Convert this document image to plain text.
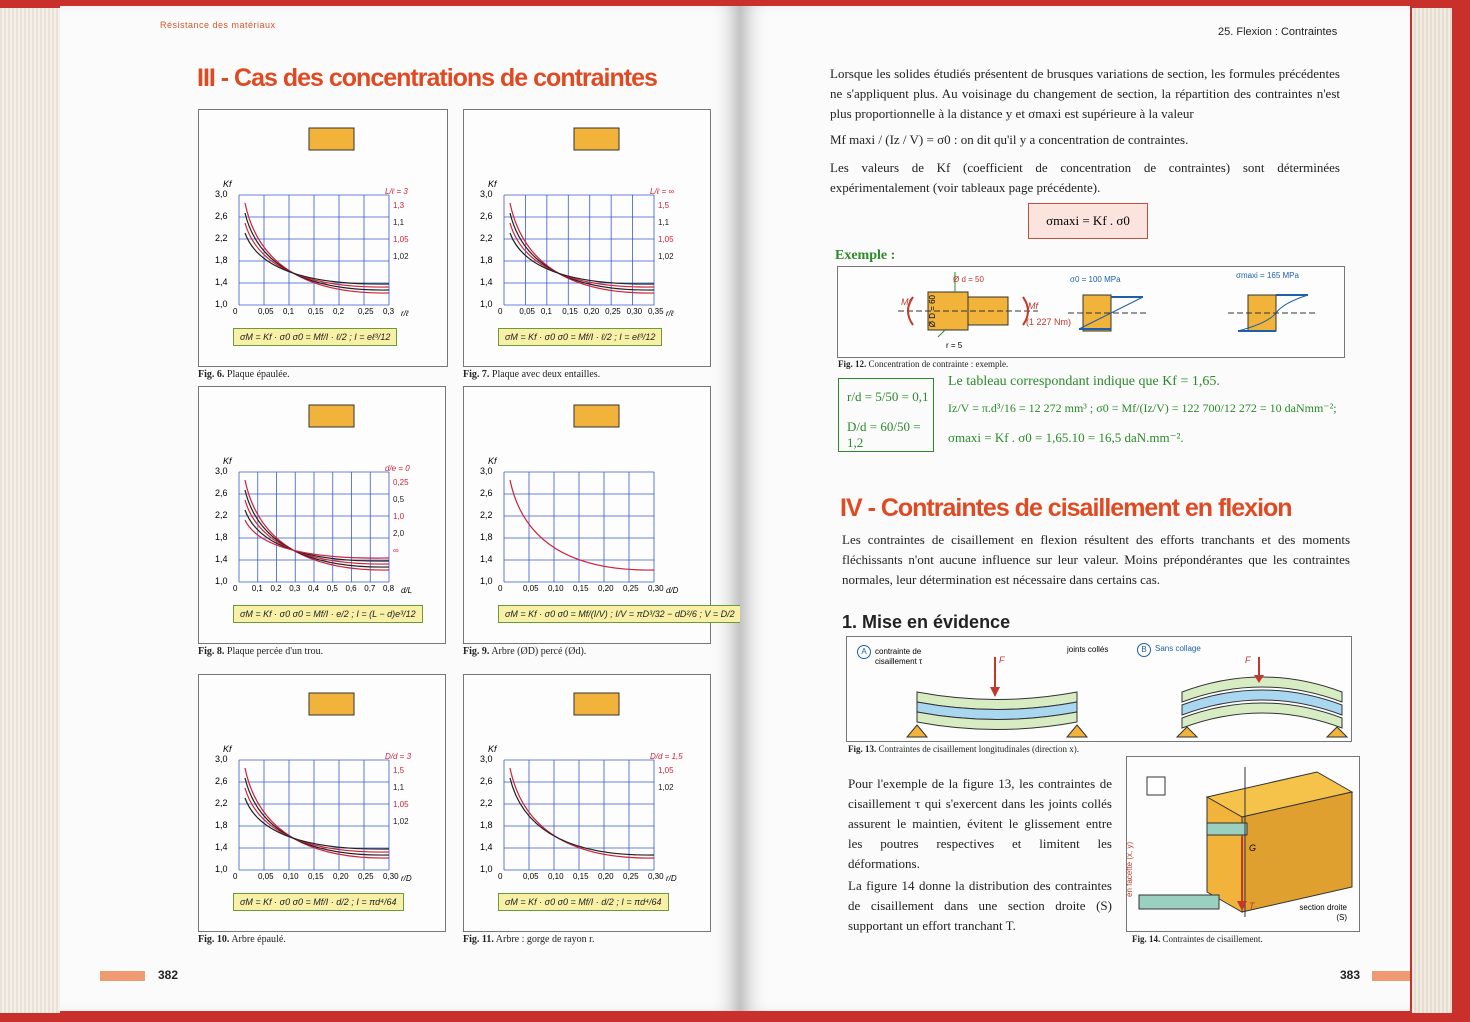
Résistance des matériaux
III - Cas des concentrations de contraintes
3,0
2,6
2,2
1,8
1,4
1,0
Kf
0	0,05 0,1 0,15 0,2 0,25 0,3 r/ℓ
L/ℓ = 3
1,3
1,1
1,05
1,02
σM = Kf · σ0 σ0 = Mf/I · ℓ/2 ; I = eℓ³/12
Fig. 6. Plaque épaulée.
3,0
2,6
2,2
1,8
1,4
1,0
Kf
0 0,05 0,1 0,15 0,20 0,25 0,30 0,35 r/ℓ
L/ℓ = ∞
1,5
1,1
1,05
1,02
σM = Kf · σ0 σ0 = Mf/I · ℓ/2 ; I = eℓ³/12
Fig. 7. Plaque avec deux entailles.
3,0
2,6
2,2
1,8
1,4
1,0
Kf
0 0,1 0,2 0,3 0,4 0,5 0,6 0,7 0,8 d/L
d/e = 0
0,25
0,5
1,0
2,0
∞
σM = Kf · σ0 σ0 = Mf/I · e/2 ; I = (L − d)e³/12
Fig. 8. Plaque percée d'un trou.
3,0
2,6
2,2
1,8
1,4
1,0
Kf
0	0,05 0,10 0,15 0,20 0,25 0,30 d/D
σM = Kf · σ0 σ0 = Mf/(I/V) ; I/V = πD³/32 − dD²/6 ; V = D/2
Fig. 9. Arbre (ØD) percé (Ød).
3,0
2,6
2,2
1,8
1,4
1,0
Kf
0	0,05 0,10 0,15 0,20 0,25 0,30 r/D
D/d = 3
1,5
1,1
1,05
1,02
σM = Kf · σ0 σ0 = Mf/I · d/2 ; I = πd⁴/64
Fig. 10. Arbre épaulé.
3,0
2,6
2,2
1,8
1,4
1,0
Kf
0	0,05 0,10 0,15 0,20 0,25 0,30 r/D
D/d = 1,5
1,05
1,02
σM = Kf · σ0 σ0 = Mf/I · d/2 ; I = πd⁴/64
Fig. 11. Arbre : gorge de rayon r.
382
25. Flexion : Contraintes
Lorsque les solides étudiés présentent de brusques variations de section, les formules précédentes ne s'appliquent plus. Au voisinage du changement de section, la répartition des contraintes n'est plus proportionnelle à la distance y et σmaxi est supérieure à la valeur
Mf maxi / (Iz / V) = σ0 : on dit qu'il y a concentration de contraintes.
Les valeurs de Kf (coefficient de concentration de contraintes) sont déterminées expérimentalement (voir tableaux page précédente).
σmaxi = Kf . σ0
Exemple :
Ø d = 50
Ø D = 60
Mf	Mf
(1 227 Nm)
r = 5
σ0 = 100 MPa	σmaxi = 165 MPa
Fig. 12. Concentration de contrainte : exemple.
r/d = 5/50 = 0,1
D/d = 60/50 = 1,2
Le tableau correspondant indique que Kf = 1,65.
Iz/V = π.d³/16 = 12 272 mm³ ; σ0 = Mf/(Iz/V) = 122 700/12 272 = 10 daNmm⁻²;
σmaxi = Kf . σ0 = 1,65.10 = 16,5 daN.mm⁻².
IV - Contraintes de cisaillement en flexion
Les contraintes de cisaillement en flexion résultent des efforts tranchants et des moments fléchissants n'ont aucune influence sur leur valeur. Moins prépondérantes que les contraintes normales, leur détermination est nécessaire dans certains cas.
1. Mise en évidence
A	contrainte de cisaillement τ
joints collés	B	Sans collage
F	F
Fig. 13. Contraintes de cisaillement longitudinales (direction x).
Pour l'exemple de la figure 13, les contraintes de cisaillement τ qui s'exercent dans les joints collés assurent le maintien, évitent le glissement entre les poutres respectives et limitent les déformations.
La figure 14 donne la distribution des contraintes de cisaillement dans une section droite (S) supportant un effort tranchant T.
en facette (x, y)
section droite (S)
G
T
Fig. 14. Contraintes de cisaillement.
383
